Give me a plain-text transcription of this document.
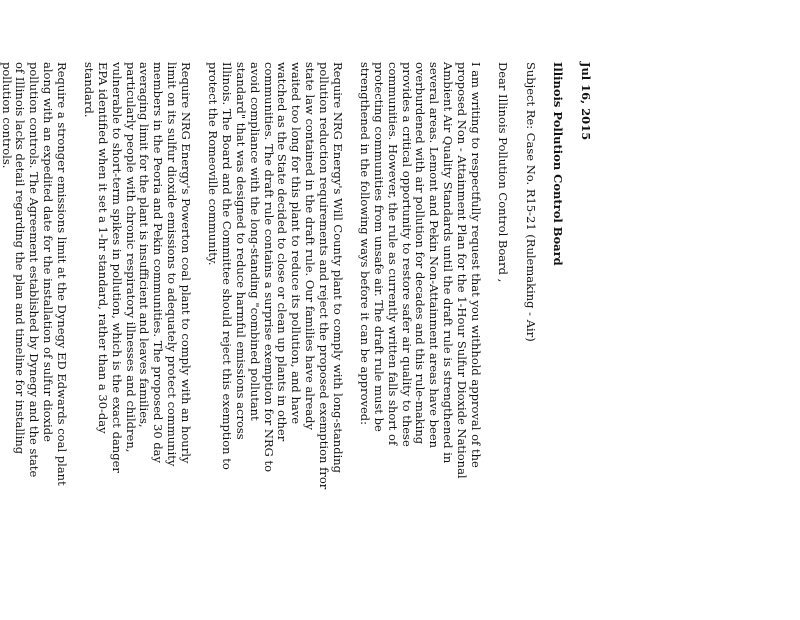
Jul 16, 2015
Illinois Pollution Control Board
Subject Re: Case No. R15-21 (Rulemaking - Air)
Dear Illinois Pollution Control Board ,
I am writing to respectfully request that you withhold approval of the
proposed Non - Attainment Plan for the 1-Hour Sulfur Dioxide National
Ambient Air Quality Standards until the draft rule is strengthened in
several areas. Lemont and Pekin Non-Attainment areas have been
overburdened with air pollution for decades and this rule-making
provides a critical opportunity to restore safer air quality to these
communities. However, the rule as currently written falls short of
protecting communities from unsafe air. The draft rule must be
strengthened in the following ways before it can be approved:
Require NRG Energy's Will County plant to comply with long-standing
pollution reduction requirements and reject the proposed exemption fror
state law contained in the draft rule. Our families have already
waited too long for this plant to reduce its pollution, and have
watched as the State decided to close or clean up plants in other
communities. The draft rule contains a surprise exemption for NRG to
avoid compliance with the long-standing "combined pollutant
standard" that was designed to reduce harmful emissions across
Illinois. The Board and the Committee should reject this exemption to
protect the Romeoville community.
Require NRG Energy's Powerton coal plant to comply with an hourly
limit on its sulfur dioxide emissions to adequately protect community
members in the Peoria and Pekin communities. The proposed 30 day
averaging limit for the plant is insufficient and leaves families,
particularly people with chronic respiratory illnesses and children,
vulnerable to short-term spikes in pollution, which is the exact danger
EPA identified when it set a 1-hr standard, rather than a 30-day
standard.
Require a stronger emissions limit at the Dynegy ED Edwards coal plant
along with an expedited date for the installation of sulfur dioxide
pollution controls. The Agreement established by Dynegy and the state
of Illinois lacks detail regarding the plan and timeline for installing
pollution controls.
